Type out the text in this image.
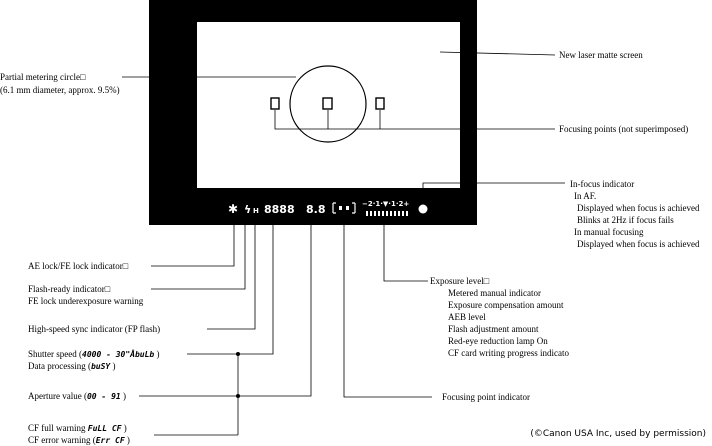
✱ ϟ H 8888 8.8	−2·1·▼·1·2+
Partial metering circle□
(6.1 mm diameter, approx. 9.5%)
New laser matte screen
Focusing points (not superimposed)
In-focus indicator
In AF.
Displayed when focus is achieved
Blinks at 2Hz if focus fails
In manual focusing
Displayed when focus is achieved
AE lock/FE lock indicator□
Flash-ready indicator□
FE lock underexposure warning
High-speed sync indicator (FP flash)
Shutter speed (4000 - 30"ÅbuLb )
Data processing (buSY )
Aperture value (00 - 91 )
CF full warning FuLL CF )
CF error warning (Err CF )
Focusing point indicator
Exposure level□
Metered manual indicator
Exposure compensation amount
AEB level
Flash adjustment amount
Red-eye reduction lamp On
CF card writing progress indicato
(©Canon USA Inc, used by permission)
